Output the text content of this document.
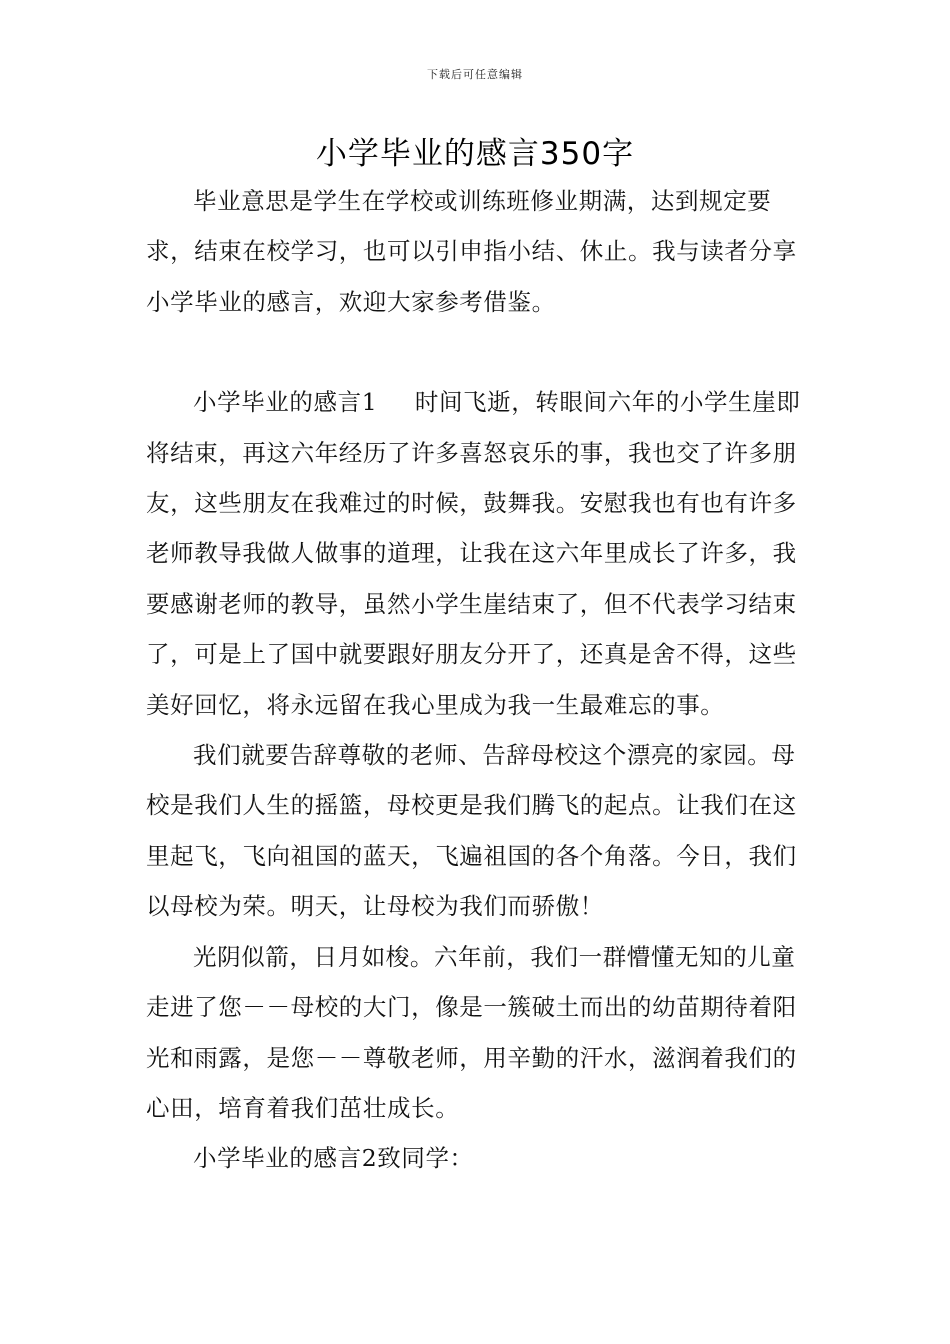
下载后可任意编辑
小学毕业的感言350字

毕业意思是学生在学校或训练班修业期满，达到规定要求，结束在校学习，也可以引申指小结、休止。我与读者分享小学毕业的感言，欢迎大家参考借鉴。

小学毕业的感言1 时间飞逝，转眼间六年的小学生崖即将结束，再这六年经历了许多喜怒哀乐的事，我也交了许多朋友，这些朋友在我难过的时候，鼓舞我。安慰我也有也有许多老师教导我做人做事的道理，让我在这六年里成长了许多，我要感谢老师的教导，虽然小学生崖结束了，但不代表学习结束了，可是上了国中就要跟好朋友分开了，还真是舍不得，这些美好回忆，将永远留在我心里成为我一生最难忘的事。

我们就要告辞尊敬的老师、告辞母校这个漂亮的家园。母校是我们人生的摇篮，母校更是我们腾飞的起点。让我们在这里起飞，飞向祖国的蓝天，飞遍祖国的各个角落。今日，我们以母校为荣。明天，让母校为我们而骄傲！

光阴似箭，日月如梭。六年前，我们一群懵懂无知的儿童走进了您－－母校的大门，像是一簇破土而出的幼苗期待着阳光和雨露，是您－－尊敬老师，用辛勤的汗水，滋润着我们的心田，培育着我们茁壮成长。

小学毕业的感言2致同学：
